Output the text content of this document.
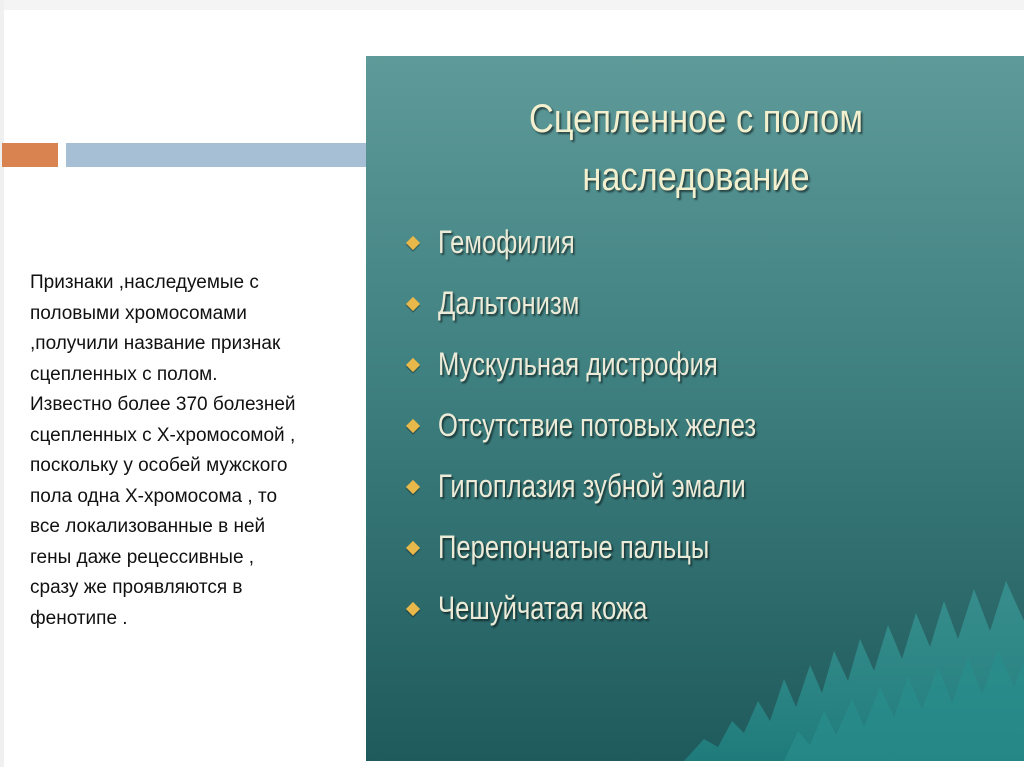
Признаки ,наследуемые с
половыми хромосомами
,получили название признак
сцепленных с полом.
Известно более 370 болезней
сцепленных с Х-хромосомой ,
поскольку у особей мужского
пола одна Х-хромосома , то
все локализованные в ней
гены даже рецессивные ,
сразу же проявляются в
фенотипе .
Сцепленное с полом
наследование
Гемофилия
Дальтонизм
Мускульная дистрофия
Отсутствие потовых желез
Гипоплазия зубной эмали
Перепончатые пальцы
Чешуйчатая кожа
